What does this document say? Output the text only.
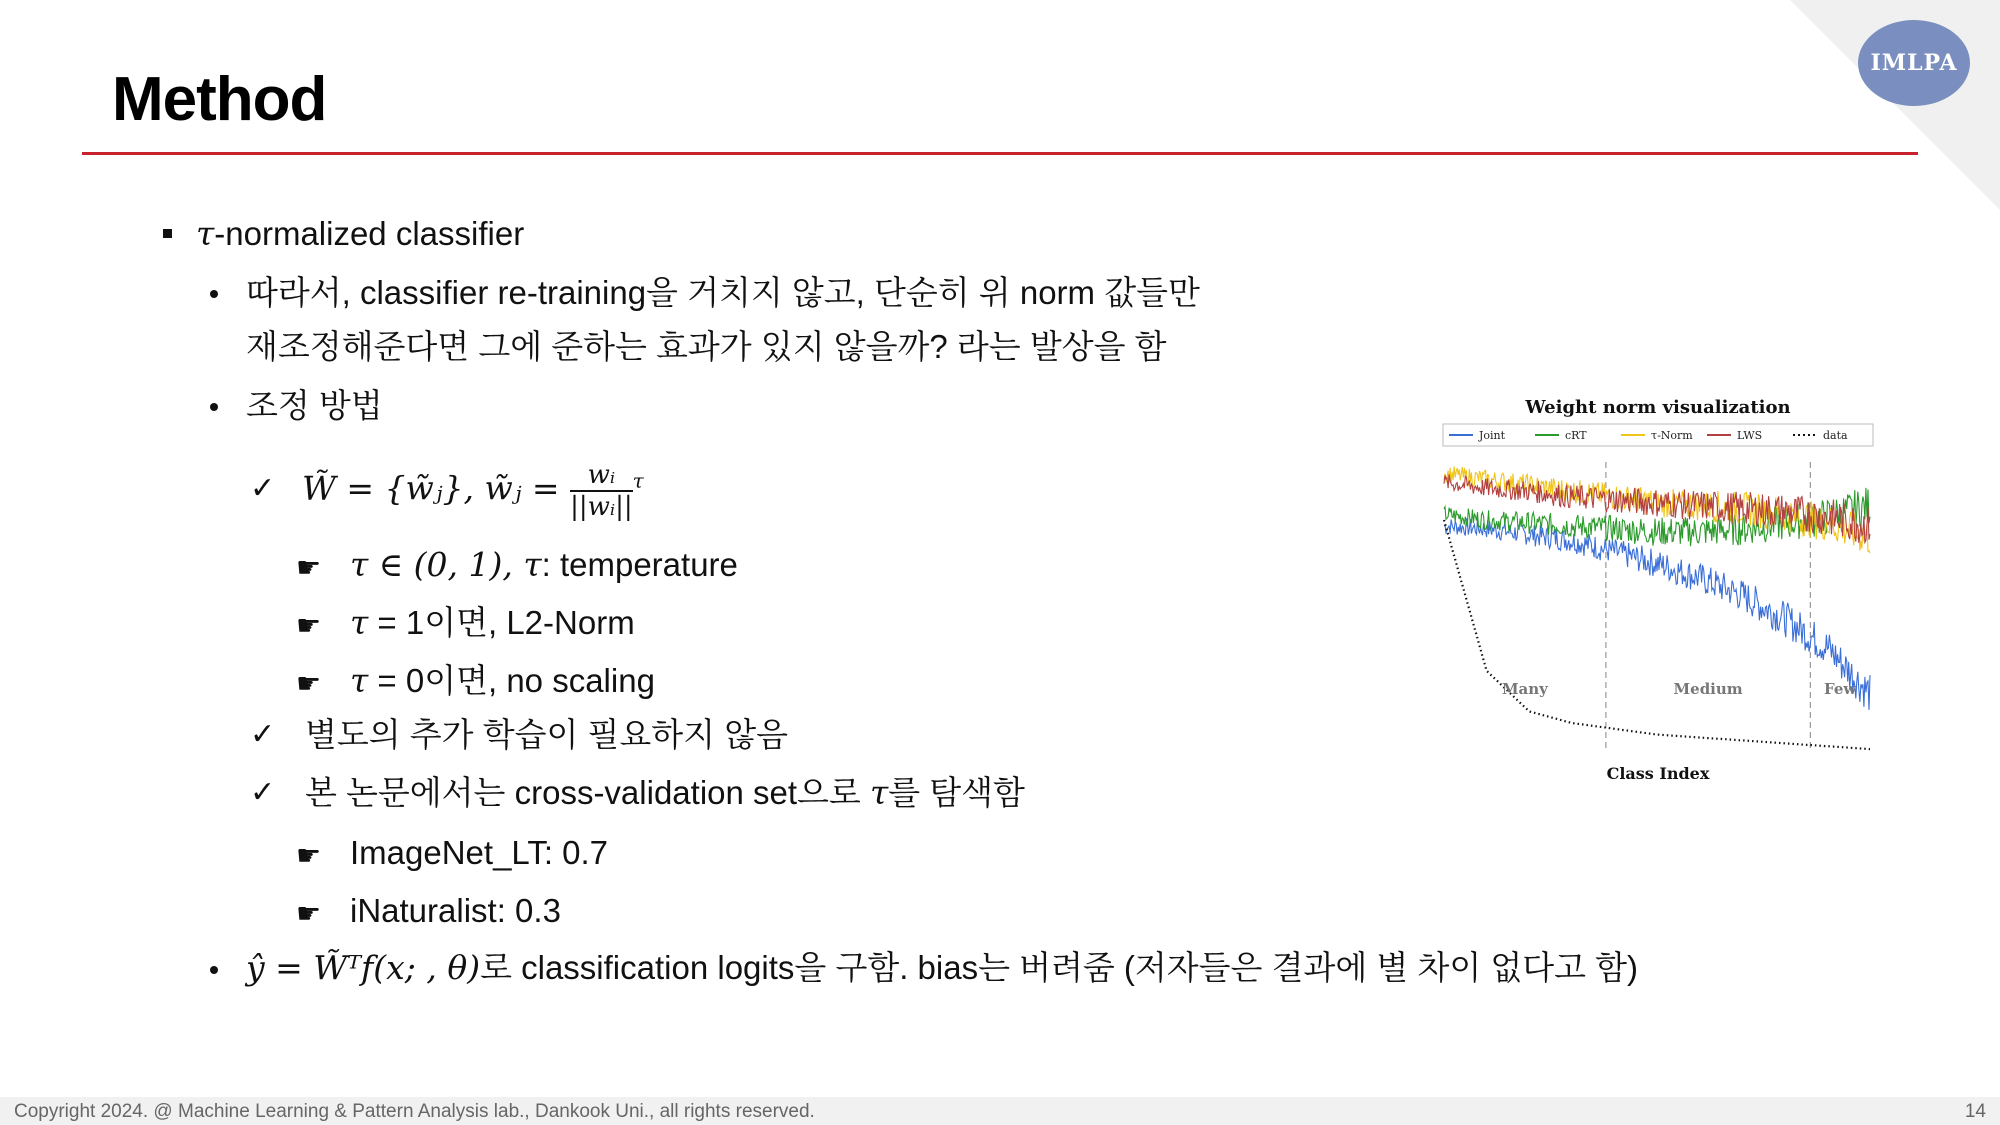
IMLPA
Method
τ-normalized classifier
따라서, classifier re-training을 거치지 않고, 단순히 위 norm 값들만
재조정해준다면 그에 준하는 효과가 있지 않을까? 라는 발상을 함
조정 방법
✓ W̃ = {w̃ⱼ}, w̃ⱼ = $\frac{\text{wᵢ}}{\text{||wᵢ||}} ^\tau$
☛ τ ∈ (0, 1), τ: temperature
☛ τ = 1이면, L2-Norm
☛ τ = 0이면, no scaling
✓ 별도의 추가 학습이 필요하지 않음
✓ 본 논문에서는 cross-validation set으로 τ를 탐색함
☛ ImageNet_LT: 0.7
☛ iNaturalist: 0.3
ŷ = W̃ᵀf(x; , θ)로 classification logits을 구함. bias는 버려줌 (저자들은 결과에 별 차이 없다고 함)
Weight norm visualization
Joint	cRT	τ-Norm	LWS	data
Many	Medium	Few
Class Index
Copyright 2024. @ Machine Learning & Pattern Analysis lab., Dankook Uni., all rights reserved.	14
